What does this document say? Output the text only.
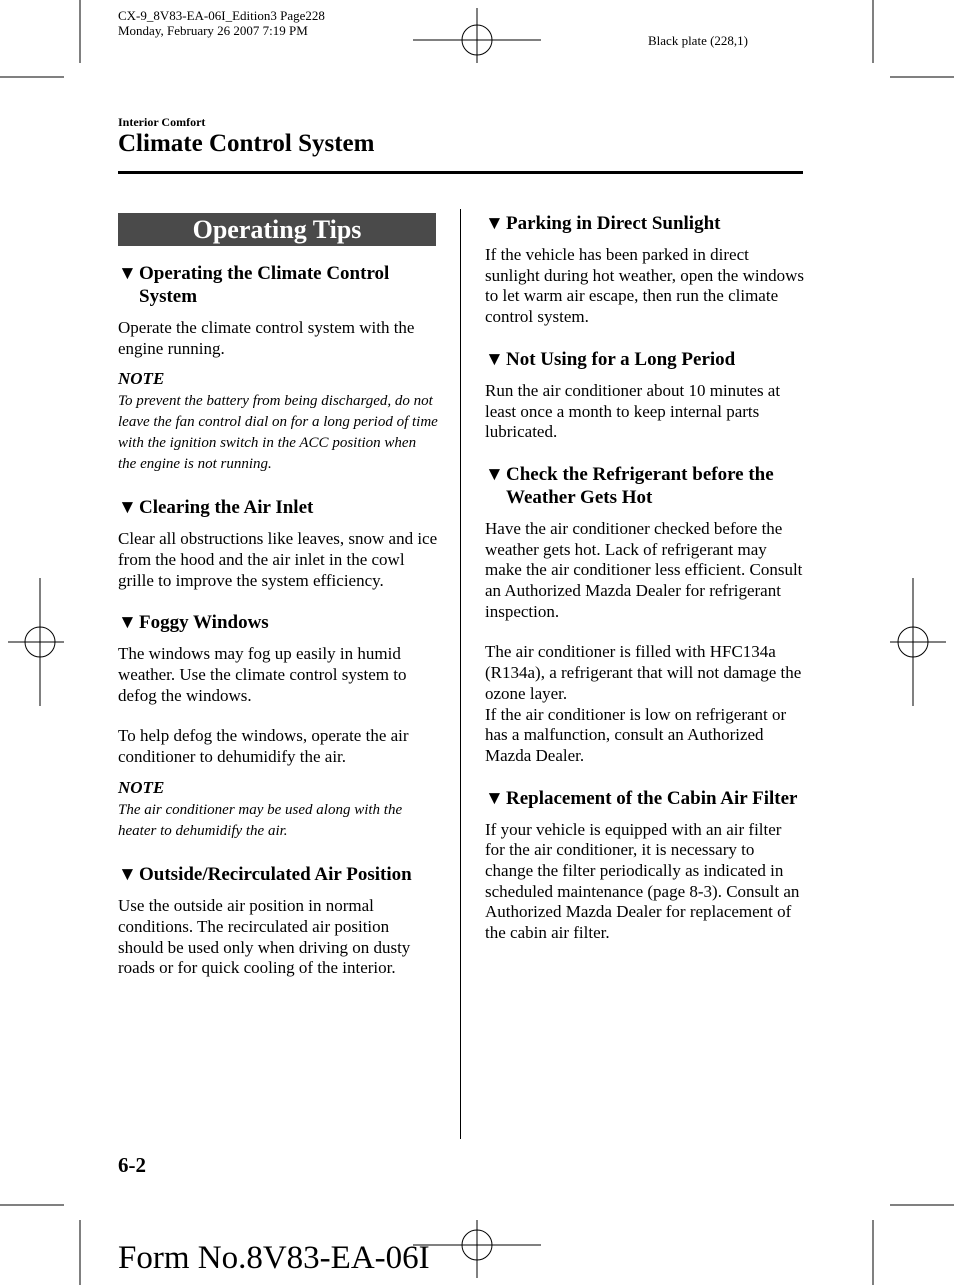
CX-9_8V83-EA-06I_Edition3 Page228
Monday, February 26 2007 7:19 PM
Black plate (228,1)
Interior Comfort
Climate Control System
Operating Tips
▼ Operating the Climate Control System
Operate the climate control system with the engine running.
NOTE
To prevent the battery from being discharged, do not leave the fan control dial on for a long period of time with the ignition switch in the ACC position when the engine is not running.
▼ Clearing the Air Inlet
Clear all obstructions like leaves, snow and ice from the hood and the air inlet in the cowl grille to improve the system efficiency.
▼ Foggy Windows
The windows may fog up easily in humid weather. Use the climate control system to defog the windows.
To help defog the windows, operate the air conditioner to dehumidify the air.
NOTE
The air conditioner may be used along with the heater to dehumidify the air.
▼ Outside/Recirculated Air Position
Use the outside air position in normal conditions. The recirculated air position should be used only when driving on dusty roads or for quick cooling of the interior.
▼ Parking in Direct Sunlight
If the vehicle has been parked in direct sunlight during hot weather, open the windows to let warm air escape, then run the climate control system.
▼ Not Using for a Long Period
Run the air conditioner about 10 minutes at least once a month to keep internal parts lubricated.
▼ Check the Refrigerant before the Weather Gets Hot
Have the air conditioner checked before the weather gets hot. Lack of refrigerant may make the air conditioner less efficient. Consult an Authorized Mazda Dealer for refrigerant inspection.
The air conditioner is filled with HFC134a (R134a), a refrigerant that will not damage the ozone layer.
If the air conditioner is low on refrigerant or has a malfunction, consult an Authorized Mazda Dealer.
▼ Replacement of the Cabin Air Filter
If your vehicle is equipped with an air filter for the air conditioner, it is necessary to change the filter periodically as indicated in scheduled maintenance (page 8-3). Consult an Authorized Mazda Dealer for replacement of the cabin air filter.
6-2
Form No.8V83-EA-06I
